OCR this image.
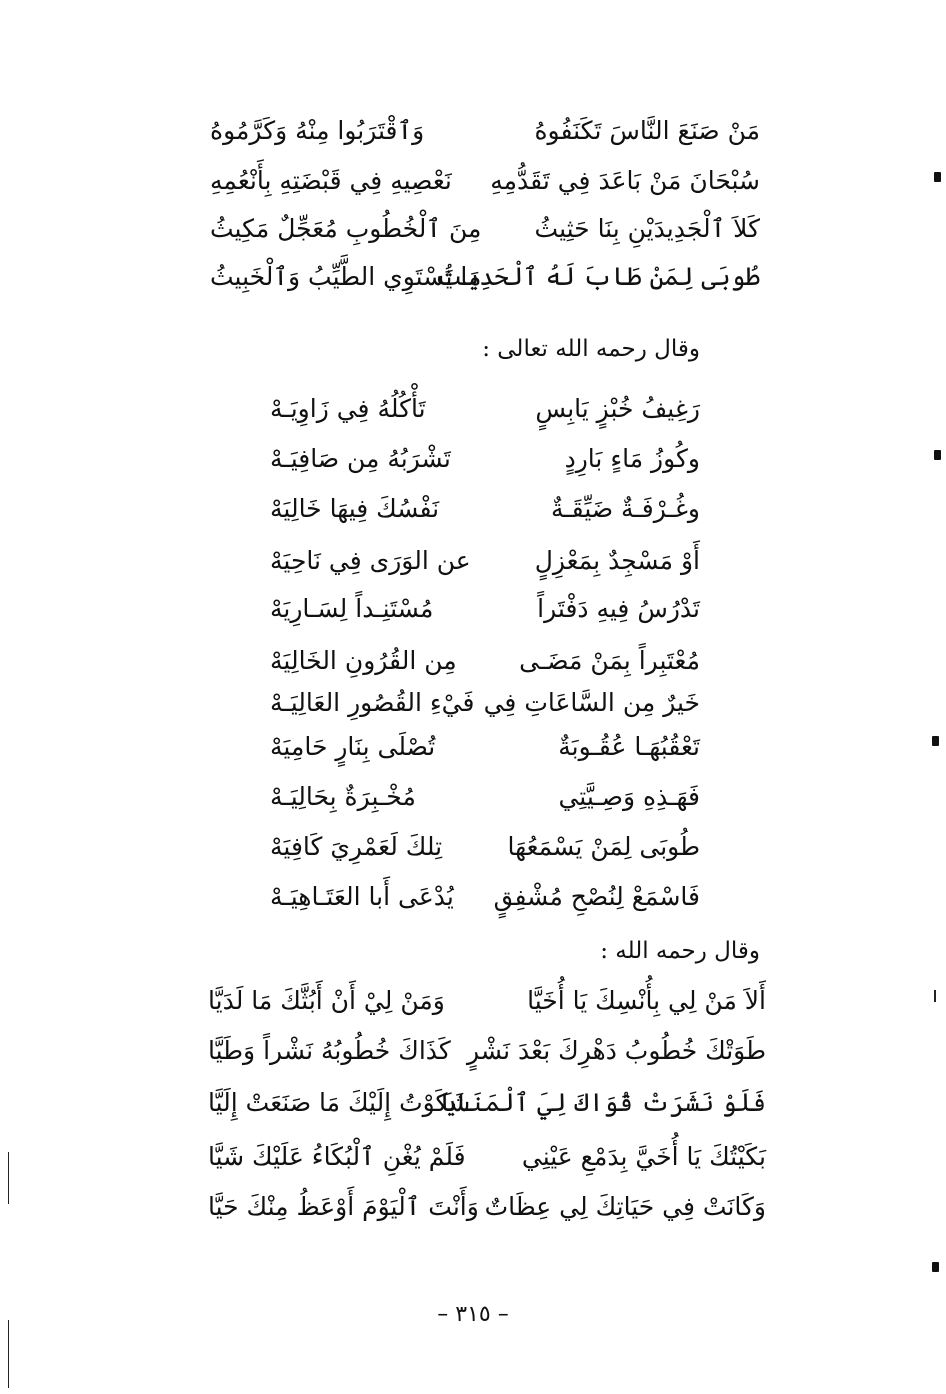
مَنْ صَنَعَ النَّاسَ تَكَنَفُوهُ
وَٱقْتَرَبُوا مِنْهُ وَكَرَّمُوهُ
سُبْحَانَ مَنْ بَاعَدَ فِي تَقَدُّمِهِ
نَعْصِيهِ فِي قَبْضَتِهِ بِأَنْعُمِهِ
كَلاَ ٱلْجَدِيدَيْنِ بِنَا حَثِيثُ
مِنَ ٱلْخُطُوبِ مُعَجِّلٌ مَكِيثُ
طُوبَى لِمَنْ طَابَ لَهُ ٱلْحَدِيثُ
مَا يَسْتَوِي الطَّيِّبُ وَٱلْخَبِيثُ
وقال رحمه الله تعالى :
رَغِيفُ خُبْزٍ يَابِسٍ
تَأْكُلُهُ فِي زَاوِيَـهْ
وكُوزُ مَاءٍ بَارِدٍ
تَشْرَبُهُ مِن صَافِيَـهْ
وغُـرْفَـةٌ ضَيِّقَـةٌ
نَفْسُكَ فِيهَا خَالِيَهْ
أَوْ مَسْجِدٌ بِمَعْزِلٍ
عن الوَرَى فِي نَاحِيَهْ
تَدْرُسُ فِيهِ دَفْتَراً
مُسْتَنِـداً لِسَـارِيَهْ
مُعْتَبِراً بِمَنْ مَضَـى
مِن القُرُونِ الخَالِيَهْ
خَيرٌ مِن السَّاعَاتِ فِي
فَيْءِ القُصُورِ العَالِيَـهْ
تَعْقُبُهَـا عُقُـوبَةٌ
تُصْلَى بِنَارٍ حَامِيَهْ
فَهَـذِهِ وَصِـيَّتِي
مُخْـبِرَةٌ بِحَالِيَـهْ
طُوبَى لِمَنْ يَسْمَعُهَا
تِلكَ لَعَمْرِيَ كَافِيَهْ
فَاسْمَعْ لِنُصْحِ مُشْفِقٍ
يُدْعَى أَبا العَتَـاهِيَـهْ
وقال رحمه الله :
أَلاَ مَنْ لِي بِأُنْسِكَ يَا أُخَيَّا
وَمَنْ لِيْ أَنْ أَبُثَّكَ مَا لَدَيَّا
طَوَتْكَ خُطُوبُ دَهْرِكَ بَعْدَ نَشْرٍ
كَذَاكَ خُطُوبُهُ نَشْراً وَطَيَّا
فَلَوْ نَشَرَتْ قُوَاكَ لِيَ ٱلْمَنَايَا
شَكَوْتُ إِلَيْكَ مَا صَنَعَتْ إِلَيَّا
بَكَيْتُكَ يَا أُخَيَّ بِدَمْعِ عَيْنِي
فَلَمْ يُغْنِ ٱلْبُكَاءُ عَلَيْكَ شَيَّا
وَكَانَتْ فِي حَيَاتِكَ لِي عِظَاتٌ
وَأَنْتَ ٱلْيَوْمَ أَوْعَظُ مِنْكَ حَيَّا
– ٣١٥ –
